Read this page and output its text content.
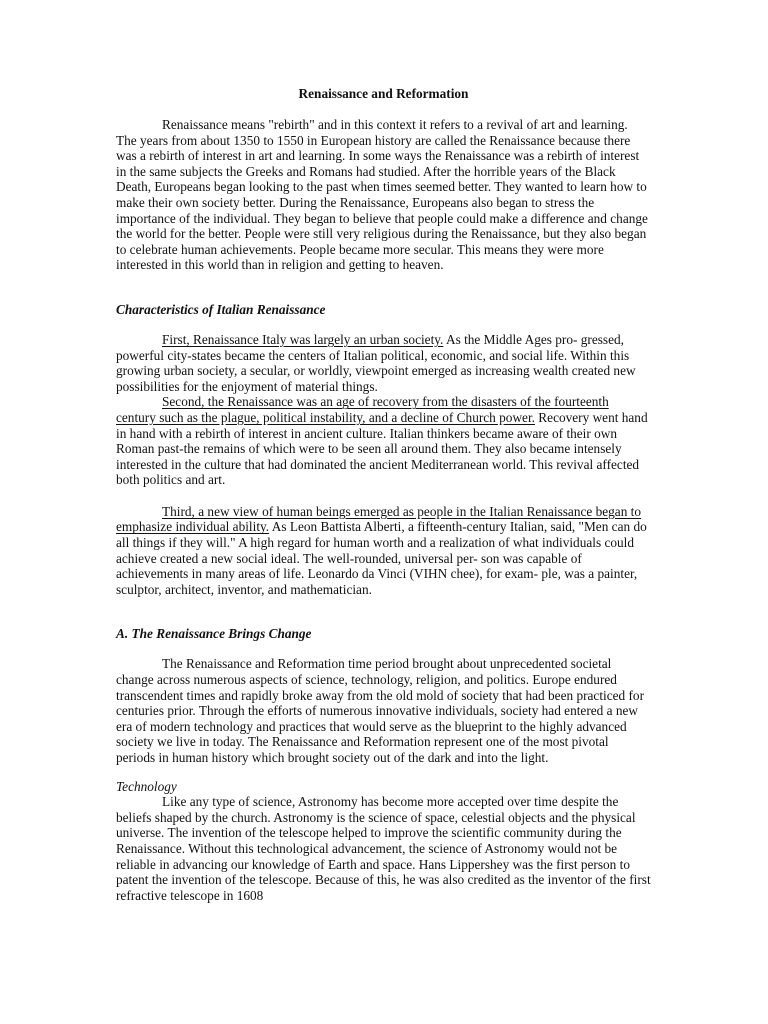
Renaissance and Reformation

Renaissance means "rebirth" and in this context it refers to a revival of art and learning. The years from about 1350 to 1550 in European history are called the Renaissance because there was a rebirth of interest in art and learning. In some ways the Renaissance was a rebirth of interest in the same subjects the Greeks and Romans had studied. After the horrible years of the Black Death, Europeans began looking to the past when times seemed better. They wanted to learn how to make their own society better. During the Renaissance, Europeans also began to stress the importance of the individual. They began to believe that people could make a difference and change the world for the better. People were still very religious during the Renaissance, but they also began to celebrate human achievements. People became more secular. This means they were more interested in this world than in religion and getting to heaven.

Characteristics of Italian Renaissance

First, Renaissance Italy was largely an urban society. As the Middle Ages pro- gressed, powerful city-states became the centers of Italian political, economic, and social life. Within this growing urban society, a secular, or worldly, viewpoint emerged as increasing wealth created new possibilities for the enjoyment of material things.

Second, the Renaissance was an age of recovery from the disasters of the fourteenth century such as the plague, political instability, and a decline of Church power. Recovery went hand in hand with a rebirth of interest in ancient culture. Italian thinkers became aware of their own Roman past-the remains of which were to be seen all around them. They also became intensely interested in the culture that had dominated the ancient Mediterranean world. This revival affected both politics and art.

Third, a new view of human beings emerged as people in the Italian Renaissance began to emphasize individual ability. As Leon Battista Alberti, a fifteenth-century Italian, said, "Men can do all things if they will." A high regard for human worth and a realization of what individuals could achieve created a new social ideal. The well-rounded, universal per- son was capable of achievements in many areas of life. Leonardo da Vinci (VIHN chee), for exam- ple, was a painter, sculptor, architect, inventor, and mathematician.

A. The Renaissance Brings Change

The Renaissance and Reformation time period brought about unprecedented societal change across numerous aspects of science, technology, religion, and politics. Europe endured transcendent times and rapidly broke away from the old mold of society that had been practiced for centuries prior. Through the efforts of numerous innovative individuals, society had entered a new era of modern technology and practices that would serve as the blueprint to the highly advanced society we live in today. The Renaissance and Reformation represent one of the most pivotal periods in human history which brought society out of the dark and into the light.

Technology

Like any type of science, Astronomy has become more accepted over time despite the beliefs shaped by the church. Astronomy is the science of space, celestial objects and the physical universe. The invention of the telescope helped to improve the scientific community during the Renaissance. Without this technological advancement, the science of Astronomy would not be reliable in advancing our knowledge of Earth and space. Hans Lippershey was the first person to patent the invention of the telescope. Because of this, he was also credited as the inventor of the first refractive telescope in 1608
